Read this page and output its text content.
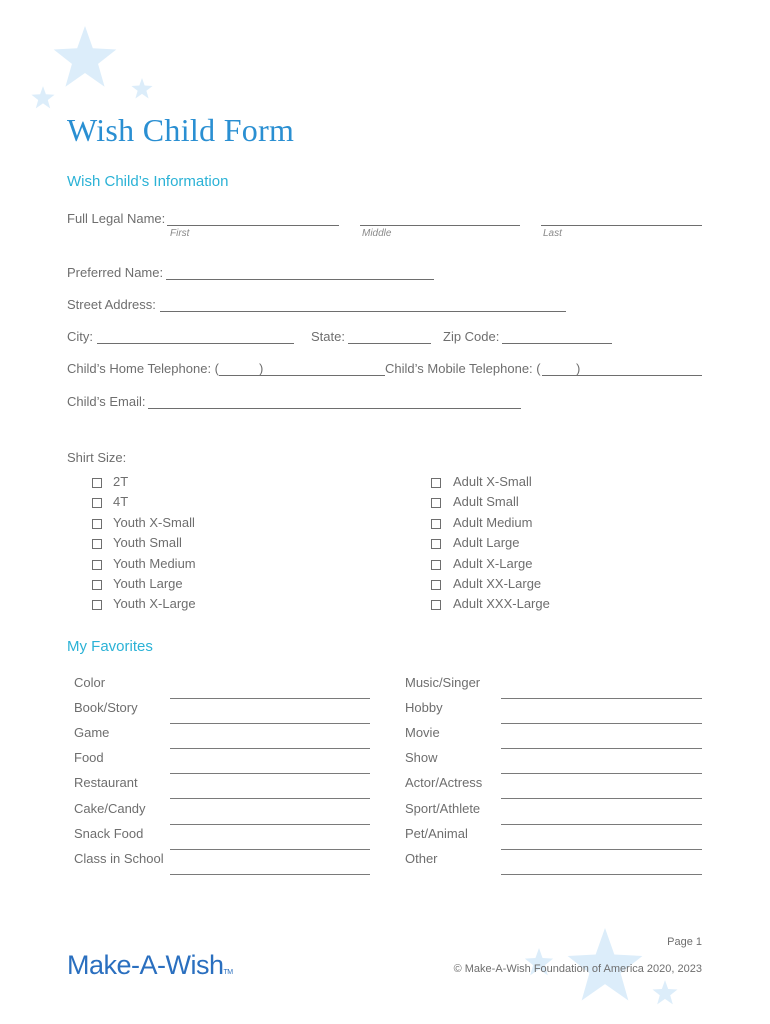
Wish Child Form
Wish Child’s Information
Full Legal Name:
First	Middle	Last
Preferred Name:
Street Address:
City:	State:	Zip Code:
Child’s Home Telephone: (	)	Child’s Mobile Telephone: (	)
Child’s Email:
Shirt Size:
2T
4T
Youth X-Small
Youth Small
Youth Medium
Youth Large
Youth X-Large
Adult X-Small
Adult Small
Adult Medium
Adult Large
Adult X-Large
Adult XX-Large
Adult XXX-Large
My Favorites
Color
Book/Story
Game
Food
Restaurant
Cake/Candy
Snack Food
Class in School
Music/Singer
Hobby
Movie
Show
Actor/Actress
Sport/Athlete
Pet/Animal
Other
Page 1
© Make-A-Wish Foundation of America 2020, 2023
Make-A-WishTM
